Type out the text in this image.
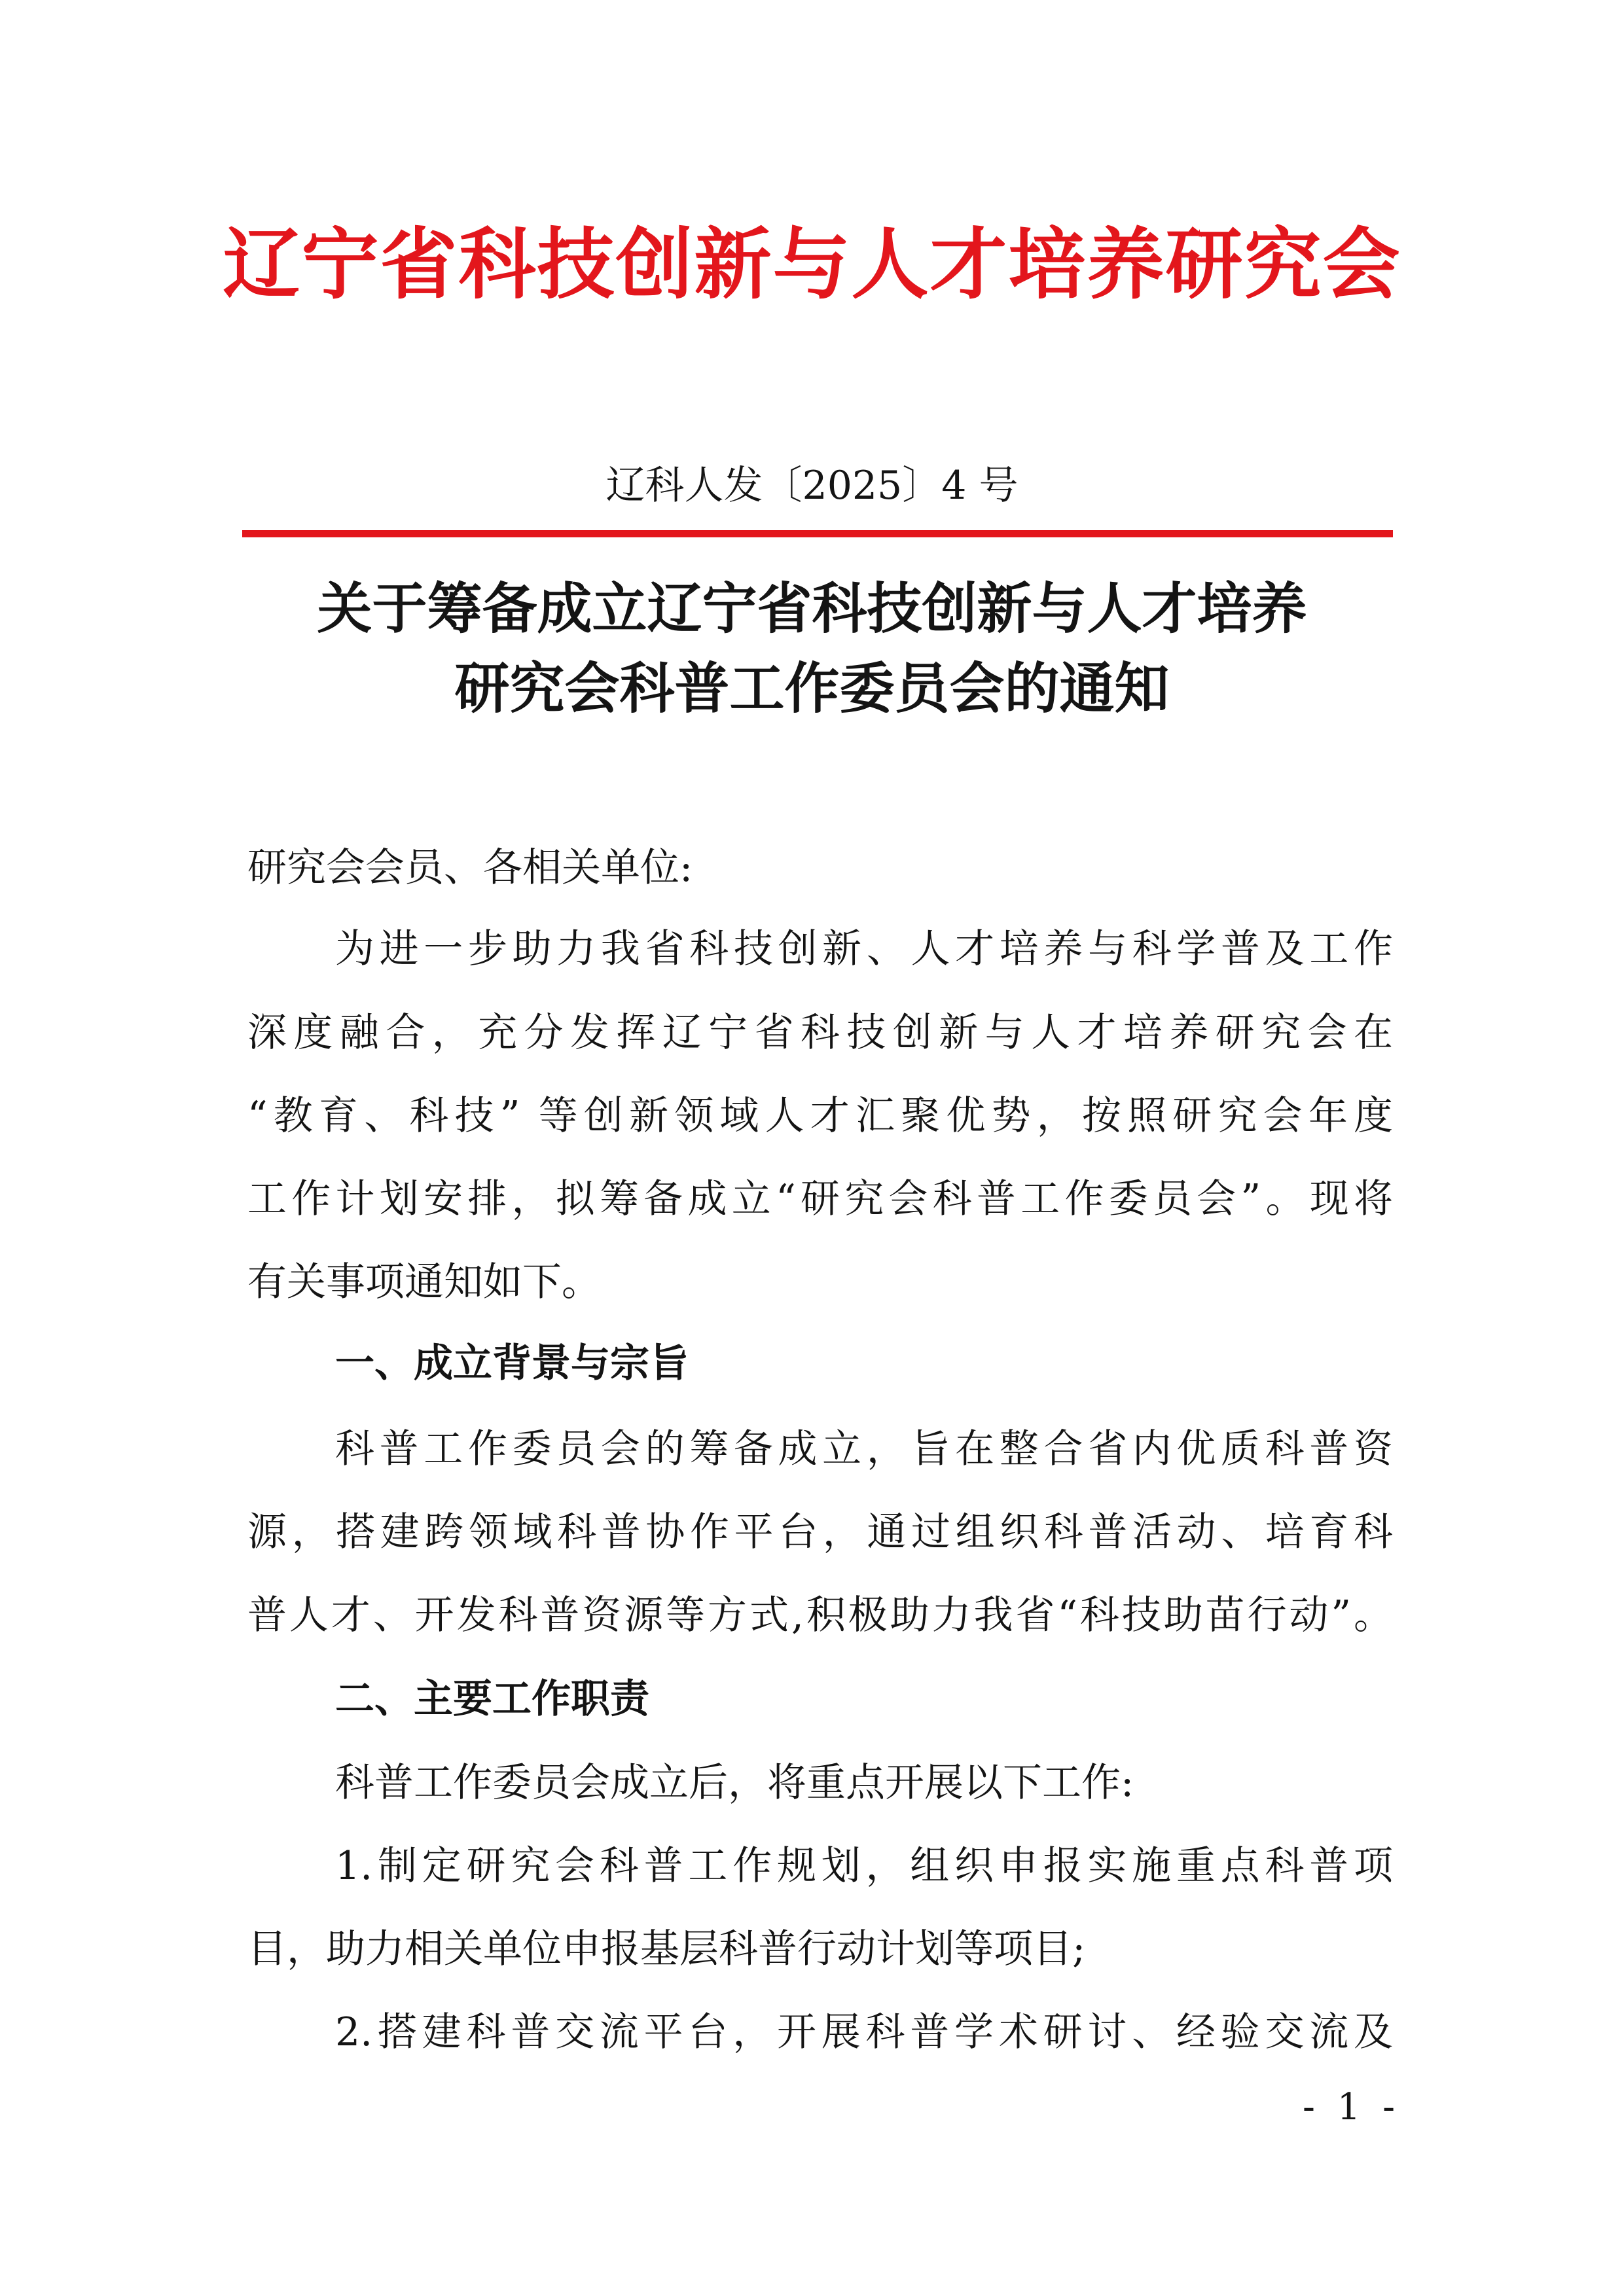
辽宁省科技创新与人才培养研究会
辽科人发〔2025〕4 号
关于筹备成立辽宁省科技创新与人才培养
研究会科普工作委员会的通知
研究会会员、各相关单位:
为进一步助力我省科技创新、人才培养与科学普及工作
深度融合，充分发挥辽宁省科技创新与人才培养研究会在
“教育、科技” 等创新领域人才汇聚优势，按照研究会年度
工作计划安排，拟筹备成立“研究会科普工作委员会”。现将
有关事项通知如下。
一、成立背景与宗旨
科普工作委员会的筹备成立，旨在整合省内优质科普资
源，搭建跨领域科普协作平台，通过组织科普活动、培育科
普人才、开发科普资源等方式,积极助力我省“科技助苗行动”。
二、主要工作职责
科普工作委员会成立后，将重点开展以下工作:
1.制定研究会科普工作规划，组织申报实施重点科普项
目，助力相关单位申报基层科普行动计划等项目;
2.搭建科普交流平台，开展科普学术研讨、经验交流及
- 1 -
